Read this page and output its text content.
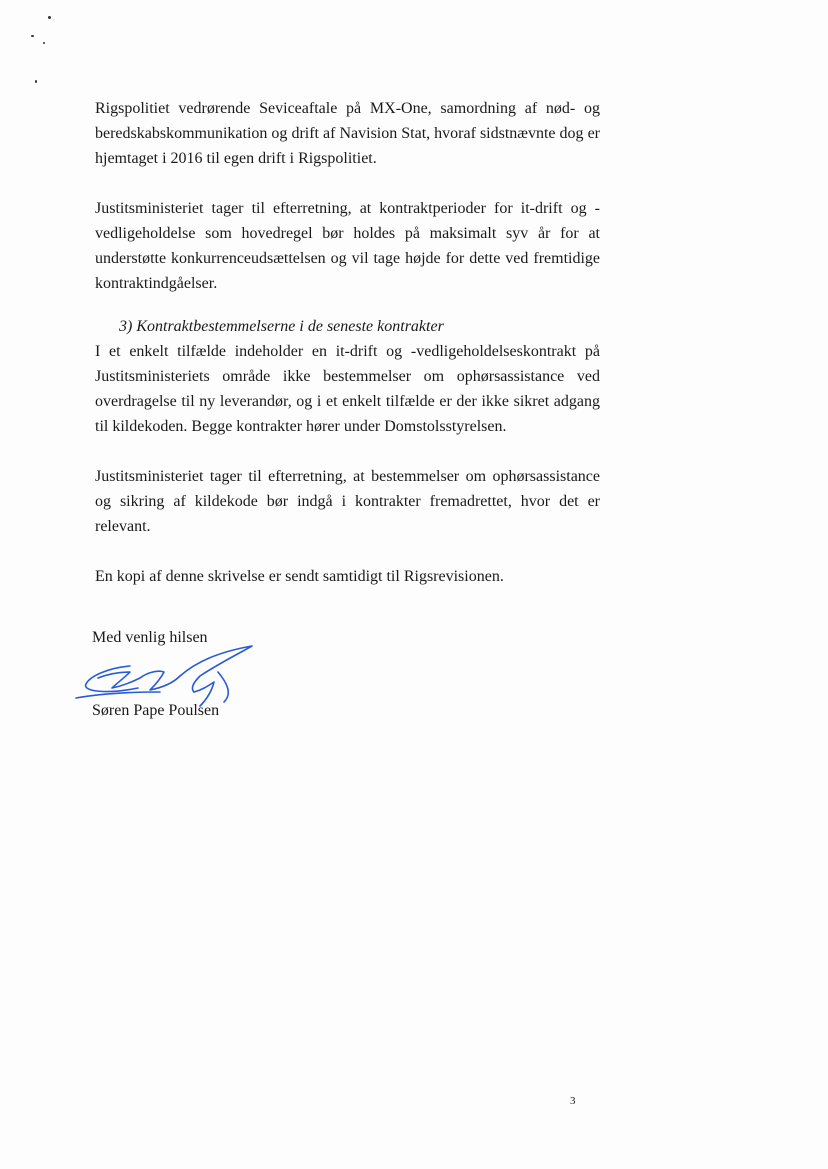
Rigspolitiet vedrørende Seviceaftale på MX-One, samordning af nød- og beredskabskommunikation og drift af Navision Stat, hvoraf sidstnævnte dog er hjemtaget i 2016 til egen drift i Rigspolitiet.

Justitsministeriet tager til efterretning, at kontraktperioder for it-drift og -vedligeholdelse som hovedregel bør holdes på maksimalt syv år for at understøtte konkurrenceudsættelsen og vil tage højde for dette ved fremtidige kontraktindgåelser.

3) Kontraktbestemmelserne i de seneste kontrakter

I et enkelt tilfælde indeholder en it-drift og -vedligeholdelseskontrakt på Justitsministeriets område ikke bestemmelser om ophørsassistance ved overdragelse til ny leverandør, og i et enkelt tilfælde er der ikke sikret adgang til kildekoden. Begge kontrakter hører under Domstolsstyrelsen.

Justitsministeriet tager til efterretning, at bestemmelser om ophørsassistance og sikring af kildekode bør indgå i kontrakter fremadrettet, hvor det er relevant.

En kopi af denne skrivelse er sendt samtidigt til Rigsrevisionen.

Med venlig hilsen
Søren Pape Poulsen
3
